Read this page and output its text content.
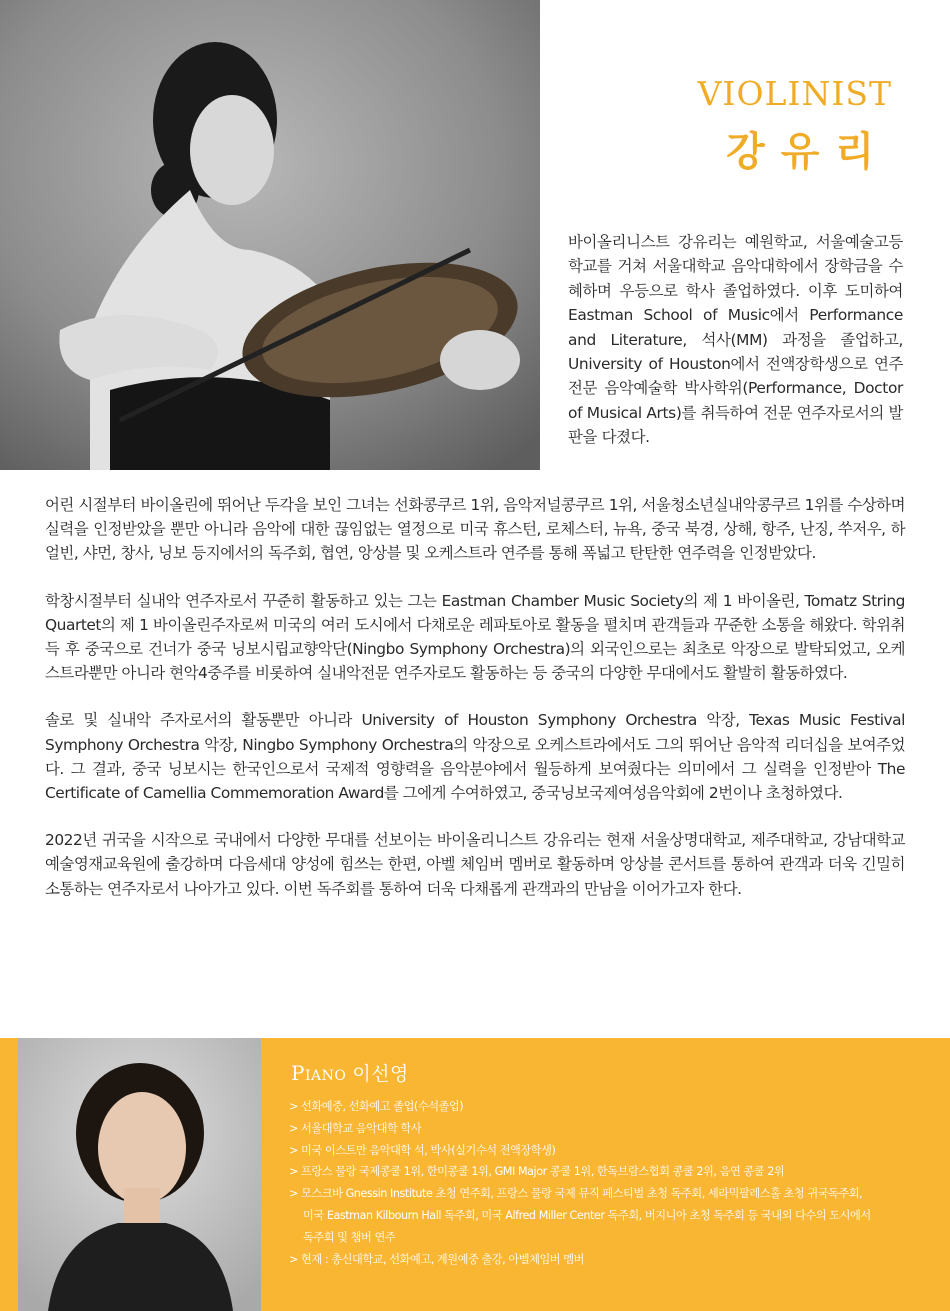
VIOLINIST
강유리

바이올리니스트 강유리는 예원학교, 서울예술고등학교를 거쳐 서울대학교 음악대학에서 장학금을 수혜하며 우등으로 학사 졸업하였다. 이후 도미하여 Eastman School of Music에서 Performance and Literature, 석사(MM) 과정을 졸업하고, University of Houston에서 전액장학생으로 연주전문 음악예술학 박사학위(Performance, Doctor of Musical Arts)를 취득하여 전문 연주자로서의 발판을 다졌다.

어린 시절부터 바이올린에 뛰어난 두각을 보인 그녀는 선화콩쿠르 1위, 음악저널콩쿠르 1위, 서울청소년실내악콩쿠르 1위를 수상하며 실력을 인정받았을 뿐만 아니라 음악에 대한 끊임없는 열정으로 미국 휴스턴, 로체스터, 뉴욕, 중국 북경, 상해, 항주, 난징, 쑤저우, 하얼빈, 샤먼, 창사, 닝보 등지에서의 독주회, 협연, 앙상블 및 오케스트라 연주를 통해 폭넓고 탄탄한 연주력을 인정받았다.

학창시절부터 실내악 연주자로서 꾸준히 활동하고 있는 그는 Eastman Chamber Music Society의 제 1 바이올린, Tomatz String Quartet의 제 1 바이올린주자로써 미국의 여러 도시에서 다채로운 레파토아로 활동을 펼치며 관객들과 꾸준한 소통을 해왔다. 학위취득 후 중국으로 건너가 중국 닝보시립교향악단(Ningbo Symphony Orchestra)의 외국인으로는 최초로 악장으로 발탁되었고, 오케스트라뿐만 아니라 현악4중주를 비롯하여 실내악전문 연주자로도 활동하는 등 중국의 다양한 무대에서도 활발히 활동하였다.

솔로 및 실내악 주자로서의 활동뿐만 아니라 University of Houston Symphony Orchestra 악장, Texas Music Festival Symphony Orchestra 악장, Ningbo Symphony Orchestra의 악장으로 오케스트라에서도 그의 뛰어난 음악적 리더십을 보여주었다. 그 결과, 중국 닝보시는 한국인으로서 국제적 영향력을 음악분야에서 월등하게 보여줬다는 의미에서 그 실력을 인정받아 The Certificate of Camellia Commemoration Award를 그에게 수여하였고, 중국닝보국제여성음악회에 2번이나 초청하였다.

2022년 귀국을 시작으로 국내에서 다양한 무대를 선보이는 바이올리니스트 강유리는 현재 서울상명대학교, 제주대학교, 강남대학교 예술영재교육원에 출강하며 다음세대 양성에 힘쓰는 한편, 아벨 체임버 멤버로 활동하며 앙상블 콘서트를 통하여 관객과 더욱 긴밀히 소통하는 연주자로서 나아가고 있다. 이번 독주회를 통하여 더욱 다채롭게 관객과의 만남을 이어가고자 한다.

Piano 이선영
> 선화예중, 선화예고 졸업(수석졸업)
> 서울대학교 음악대학 학사
> 미국 이스트만 음악대학 석, 박사(실기수석 전액장학생)
> 프랑스 물랑 국제콩쿨 1위, 한미콩쿨 1위, GMI Major 콩쿨 1위, 한독브람스협회 콩쿨 2위, 음연 콩쿨 2위
> 모스크바 Gnessin Institute 초청 연주회, 프랑스 물랑 국제 뮤직 페스티벌 초청 독주회, 세라믹팔레스홀 초청 귀국독주회,
미국 Eastman Kilbourn Hall 독주회, 미국 Alfred Miller Center 독주회, 버지니아 초청 독주회 등 국내외 다수의 도시에서
독주회 및 챔버 연주
> 현재 : 총신대학교, 선화예고, 계원예중 출강, 아벨체임버 멤버
